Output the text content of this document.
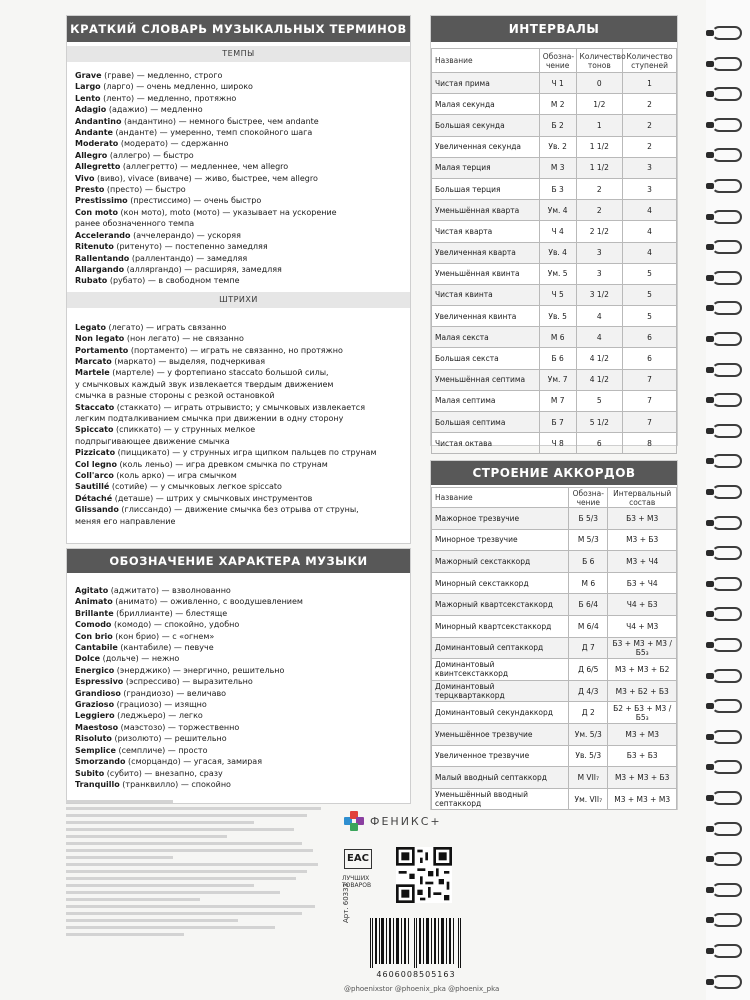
КРАТКИЙ СЛОВАРЬ МУЗЫКАЛЬНЫХ ТЕРМИНОВ
ТЕМПЫ
Grave (граве) — медленно, строго
Largo (ларго) — очень медленно, широко
Lento (ленто) — медленно, протяжно
Adagio (адажио) — медленно
Andantino (андантино) — немного быстрее, чем andante
Andante (андантe) — умеренно, темп спокойного шага
Moderato (модерато) — сдержанно
Allegro (аллегро) — быстро
Allegretto (аллегретто) — медленнее, чем allegro
Vivo (виво), vivace (виваче) — живо, быстрее, чем allegro
Presto (престо) — быстро
Prestissimo (престиссимо) — очень быстро
Con moto (кон мото), moto (мото) — указывает на ускорение
ранее обозначенного темпа
Accelerando (аччелерандо) — ускоряя
Ritenuto (ритенуто) — постепенно замедляя
Rallentando (раллентандо) — замедляя
Allargando (аллярrандо) — расширяя, замедляя
Rubato (рубато) — в свободном темпе
ШТРИХИ
Legato (легато) — играть связанно
Non legato (нон легато) — не связанно
Portamento (портаменто) — играть не связанно, но протяжно
Marcato (маркато) — выделяя, подчеркивая
Martele (мартеле) — у фортепиано staccato большой силы,
у смычковых каждый звук извлекается твердым движением
смычка в разные стороны с резкой остановкой
Staccato (стаккато) — играть отрывисто; у смычковых извлекается
легким подталкиванием смычка при движении в одну сторону
Spiccato (спиккато) — у струнных мелкое
подпрыгивающее движение смычка
Pizzicato (пиццикато) — у струнных игра щипком пальцев по струнам
Col legno (коль леньо) — игра древком смычка по струнам
Coll'arco (коль арко) — игра смычком
Sautillé (сотийе) — у смычковых легкое spiccato
Détaché (деташе) — штрих у смычковых инструментов
Glissando (глиссандо) — движение смычка без отрыва от струны,
меняя его направление
ОБОЗНАЧЕНИЕ ХАРАКТЕРА МУЗЫКИ
Agitato (аджитато) — взволнованно
Animato (анимато) — оживленно, с воодушевлением
Brillante (бриллианте) — блестяще
Comodo (комодо) — спокойно, удобно
Con brio (кон брио) — с «огнем»
Cantabile (кантабиле) — певуче
Dolce (дольче) — нежно
Energico (энерджико) — энергично, решительно
Espressivo (эспрессиво) — выразительно
Grandioso (грандиозо) — величаво
Grazioso (грациозо) — изящно
Leggiero (леджьеро) — легко
Maestoso (маэстозо) — торжественно
Risoluto (ризолюто) — решительно
Semplice (семпличе) — просто
Smorzando (сморцандо) — угасая, замирая
Subito (субито) — внезапно, сразу
Tranquillo (транквилло) — спокойно
ИНТЕРВАЛЫ
Название	Обозна-чение	Количество тонов	Количество ступеней
Чистая прима	Ч 1	0	1
Малая секунда	М 2	1/2	2
Большая секунда	Б 2	1	2
Увеличенная секунда	Ув. 2	1 1/2	2
Малая терция	М 3	1 1/2	3
Большая терция	Б 3	2	3
Уменьшённая кварта	Ум. 4	2	4
Чистая кварта	Ч 4	2 1/2	4
Увеличенная кварта	Ув. 4	3	4
Уменьшённая квинта	Ум. 5	3	5
Чистая квинта	Ч 5	3 1/2	5
Увеличенная квинта	Ув. 5	4	5
Малая секста	М 6	4	6
Большая секста	Б 6	4 1/2	6
Уменьшённая септима	Ум. 7	4 1/2	7
Малая септима	М 7	5	7
Большая септима	Б 7	5 1/2	7
Чистая октава	Ч 8	6	8
СТРОЕНИЕ АККОРДОВ
Название	Обозна-чение	Интервальный состав
Мажорное трезвучие	Б 5/3	Б3 + М3
Минорное трезвучие	М 5/3	М3 + Б3
Мажорный секстаккорд	Б 6	М3 + Ч4
Минорный секстаккорд	М 6	Б3 + Ч4
Мажорный квартсекстаккорд	Б 6/4	Ч4 + Б3
Минорный квартсекстаккорд	М 6/4	Ч4 + М3
Доминантовый септаккорд	Д 7	Б3 + М3 + М3 / Б5₃
Доминантовый квинтсекстаккорд	Д 6/5	М3 + М3 + Б2
Доминантовый терцквартаккорд	Д 4/3	М3 + Б2 + Б3
Доминантовый секундаккорд	Д 2	Б2 + Б3 + М3 / Б5₃
Уменьшённое трезвучие	Ум. 5/3	М3 + М3
Увеличенное трезвучие	Ув. 5/3	Б3 + Б3
Малый вводный септаккорд	М VII₇	М3 + М3 + Б3
Уменьшённый вводный септаккорд	Ум. VII₇	М3 + М3 + М3
ФЕНИКС+
EAC
ЛУЧШИХ ТОВАРОВ
Арт. 60333
4606008505163
@phoenixstor @phoenix_pka @phoenix_pka
